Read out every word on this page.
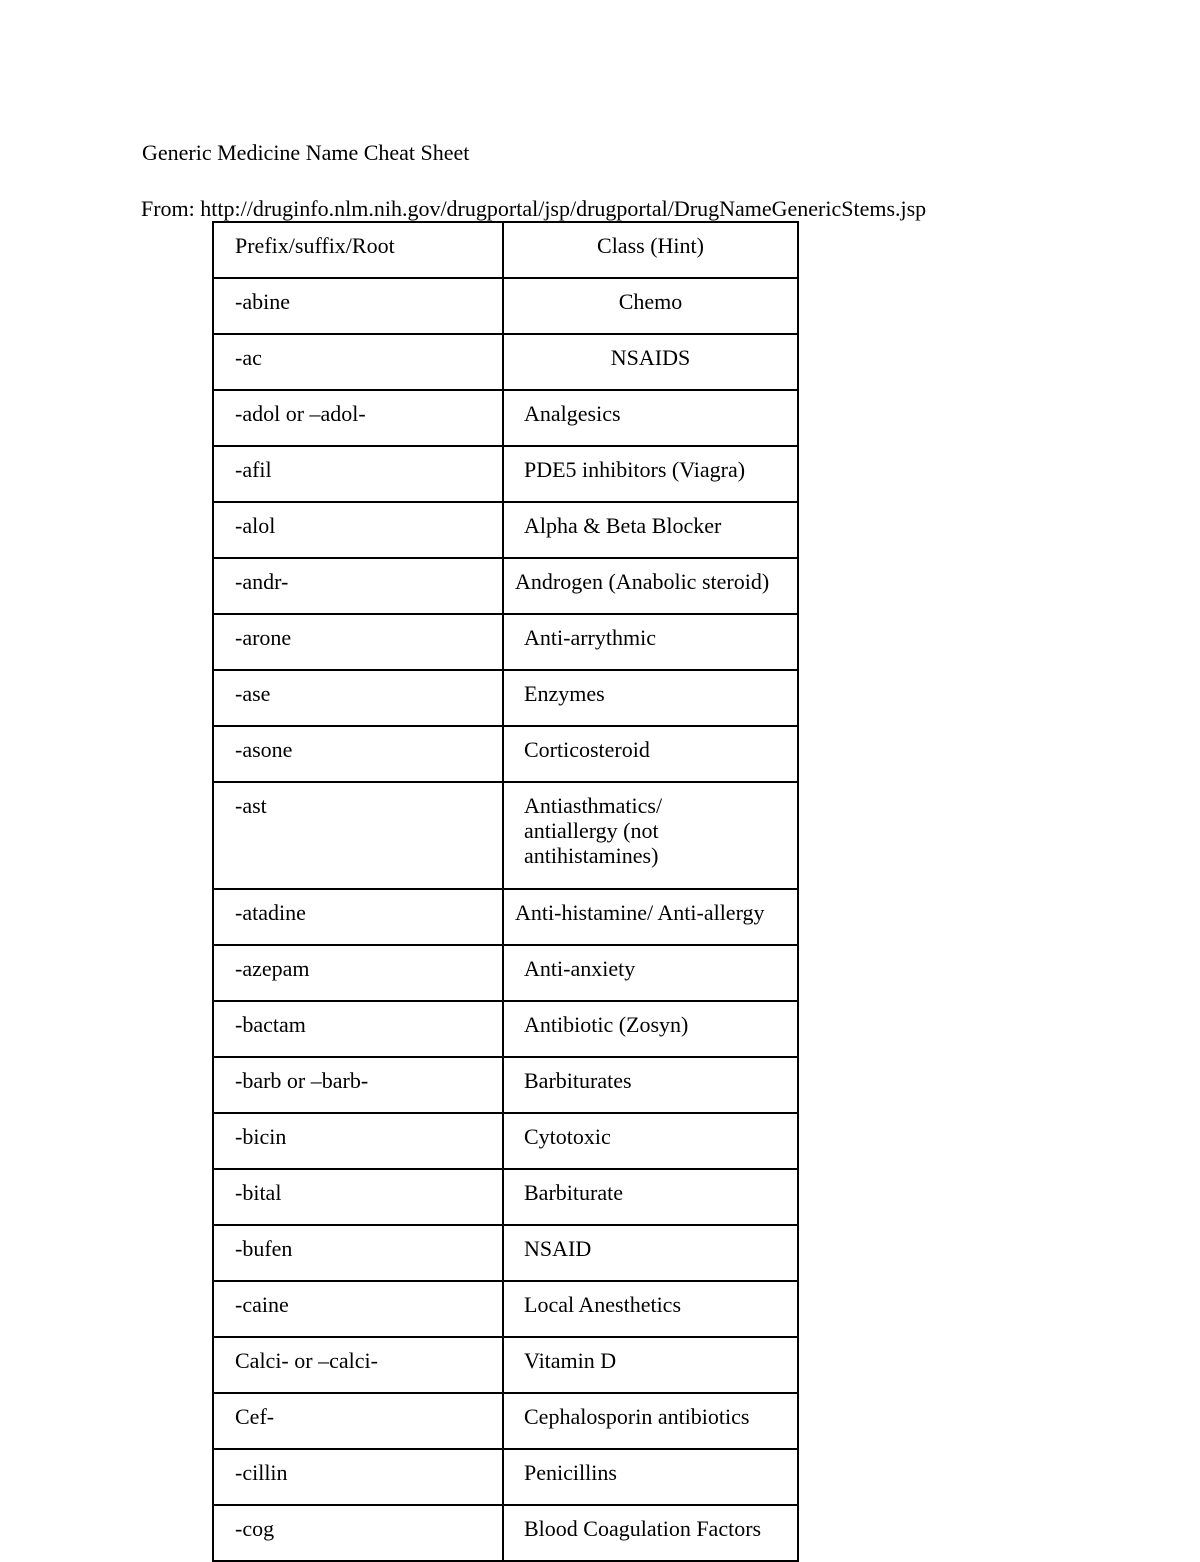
Generic Medicine Name Cheat Sheet
From: http://druginfo.nlm.nih.gov/drugportal/jsp/drugportal/DrugNameGenericStems.jsp
Prefix/suffix/Root	Class (Hint)
-abine	Chemo
-ac	NSAIDS
-adol or –adol-	Analgesics
-afil	PDE5 inhibitors (Viagra)
-alol	Alpha & Beta Blocker
-andr-	Androgen (Anabolic steroid)
-arone	Anti-arrythmic
-ase	Enzymes
-asone	Corticosteroid
-ast	Antiasthmatics/ antiallergy (not antihistamines)
-atadine	Anti-histamine/ Anti-allergy
-azepam	Anti-anxiety
-bactam	Antibiotic (Zosyn)
-barb or –barb-	Barbiturates
-bicin	Cytotoxic
-bital	Barbiturate
-bufen	NSAID
-caine	Local Anesthetics
Calci- or –calci-	Vitamin D
Cef-	Cephalosporin antibiotics
-cillin	Penicillins
-cog	Blood Coagulation Factors
